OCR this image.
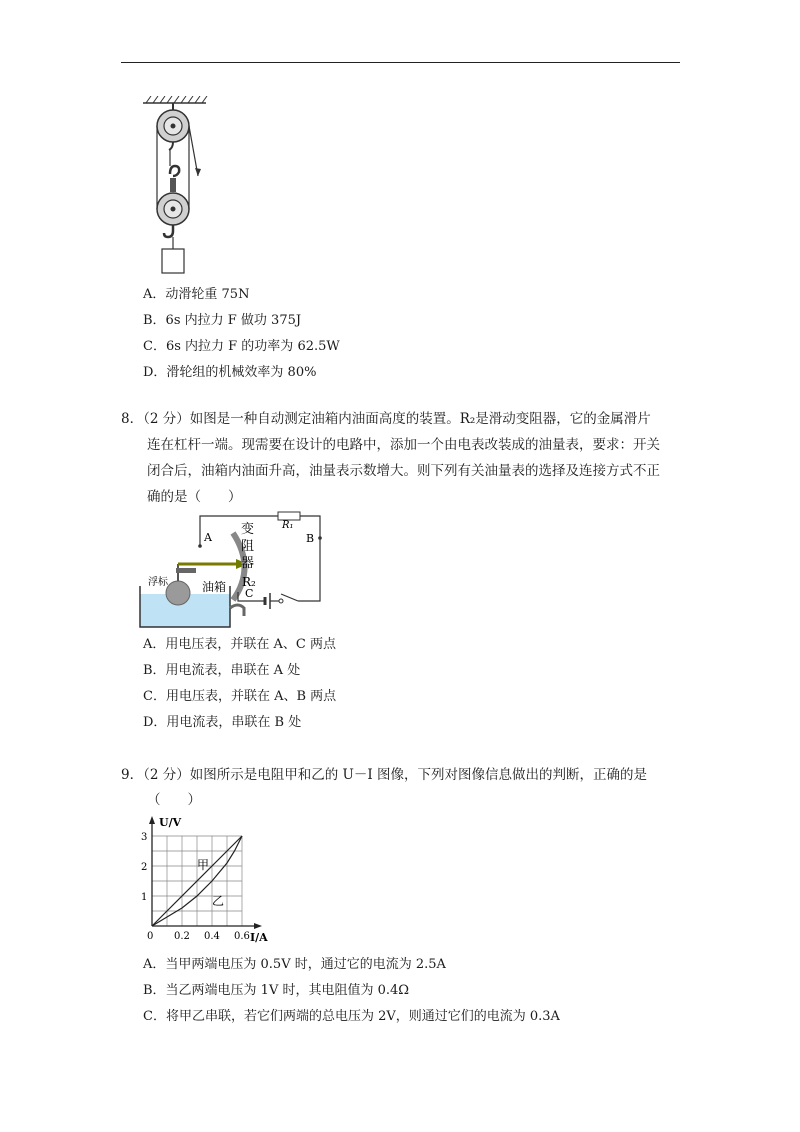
A．动滑轮重 75N
B．6s 内拉力 F 做功 375J
C．6s 内拉力 F 的功率为 62.5W
D．滑轮组的机械效率为 80%
8．（2 分）如图是一种自动测定油箱内油面高度的装置。R₂是滑动变阻器，它的金属滑片
连在杠杆一端。现需要在设计的电路中，添加一个由电表改装成的油量表，要求：开关
闭合后，油箱内油面升高，油量表示数增大。则下列有关油量表的选择及连接方式不正
确的是（　　）
A	B
C
R₁
R₂
变
阻
器
浮标	油箱
A．用电压表，并联在 A、C 两点
B．用电流表，串联在 A 处
C．用电压表，并联在 A、B 两点
D．用电流表，串联在 B 处
9．（2 分）如图所示是电阻甲和乙的 U－I 图像，下列对图像信息做出的判断，正确的是
（　　）
0 0.2 0.4 0.6
1
2
3
U/V
I/A
甲
乙
A．当甲两端电压为 0.5V 时，通过它的电流为 2.5A
B．当乙两端电压为 1V 时，其电阻值为 0.4Ω
C．将甲乙串联，若它们两端的总电压为 2V，则通过它们的电流为 0.3A
